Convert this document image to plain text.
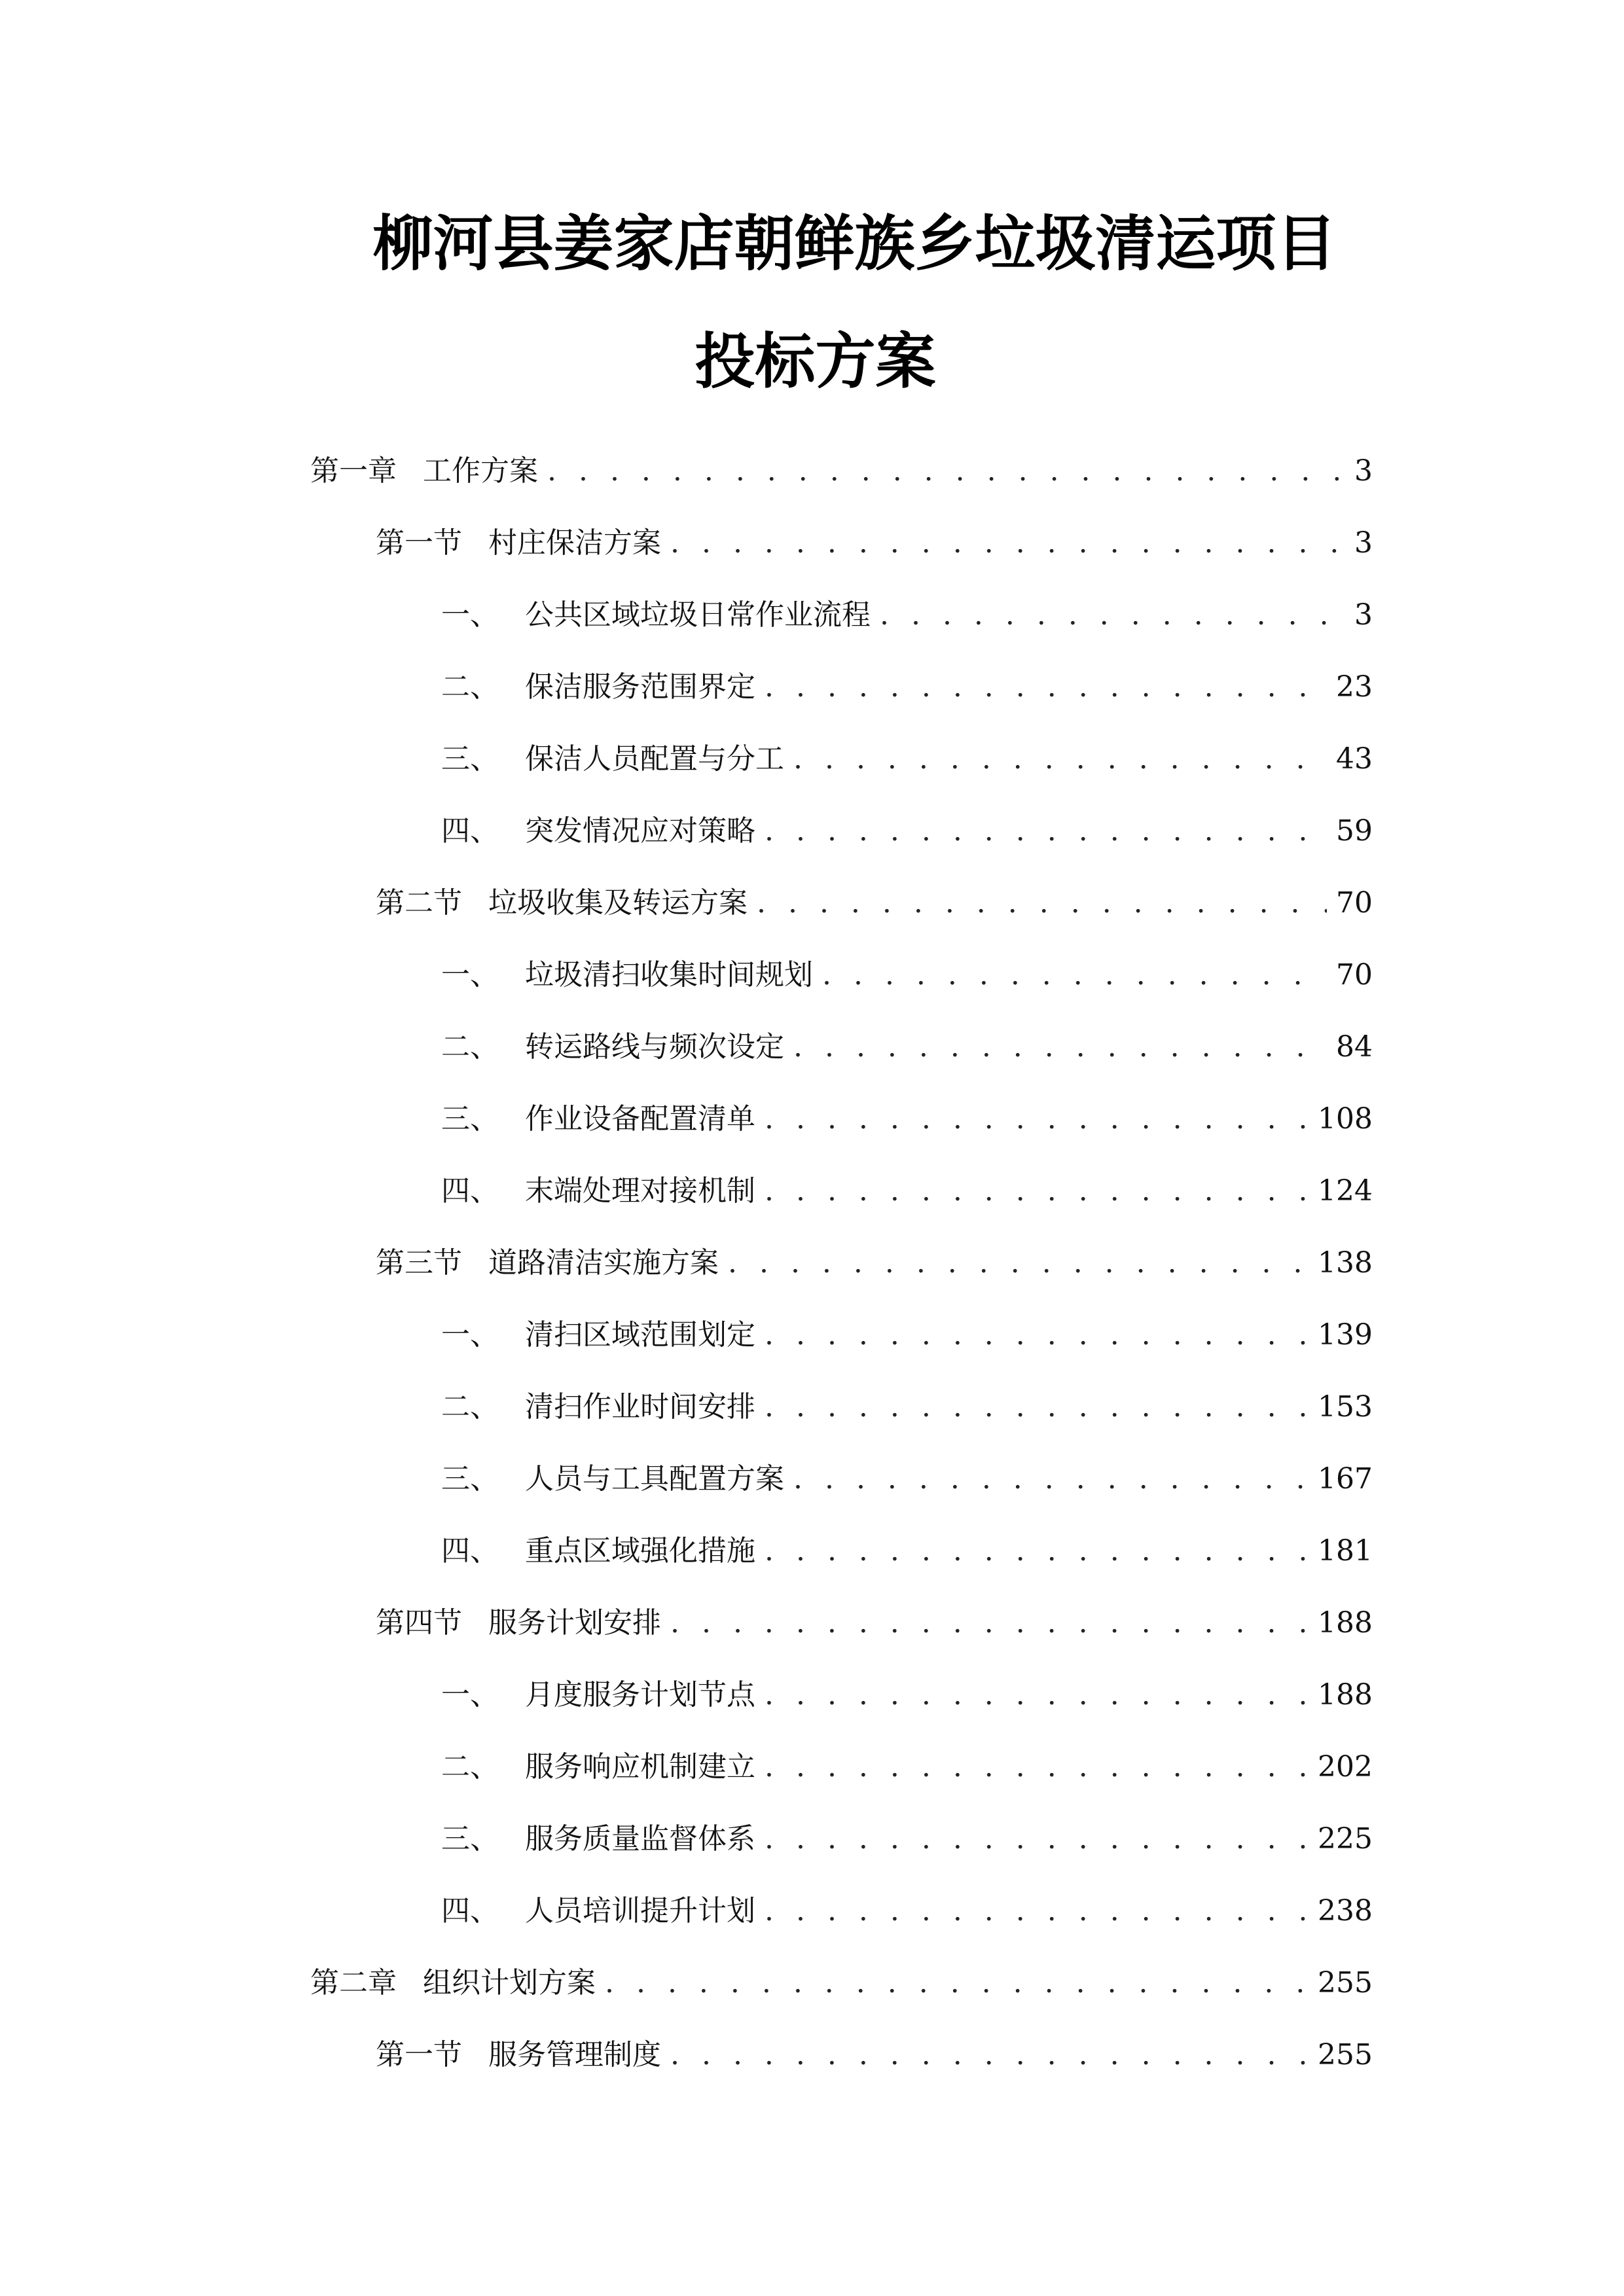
柳河县姜家店朝鲜族乡垃圾清运项目
投标方案
第一章 工作方案 . . .	3
第一节 村庄保洁方案 . . .	3
一、 公共区域垃圾日常作业流程 . . .	3
二、 保洁服务范围界定 . . .	23
三、 保洁人员配置与分工 . . .	43
四、 突发情况应对策略 . . .	59
第二节 垃圾收集及转运方案 . . .	70
一、 垃圾清扫收集时间规划 . . .	70
二、 转运路线与频次设定 . . .	84
三、 作业设备配置清单 . . .	108
四、 末端处理对接机制 . . .	124
第三节 道路清洁实施方案 . . .	138
一、 清扫区域范围划定 . . .	139
二、 清扫作业时间安排 . . .	153
三、 人员与工具配置方案 . . .	167
四、 重点区域强化措施 . . .	181
第四节 服务计划安排 . . .	188
一、 月度服务计划节点 . . .	188
二、 服务响应机制建立 . . .	202
三、 服务质量监督体系 . . .	225
四、 人员培训提升计划 . . .	238
第二章 组织计划方案 . . .	255
第一节 服务管理制度 . . .	255
